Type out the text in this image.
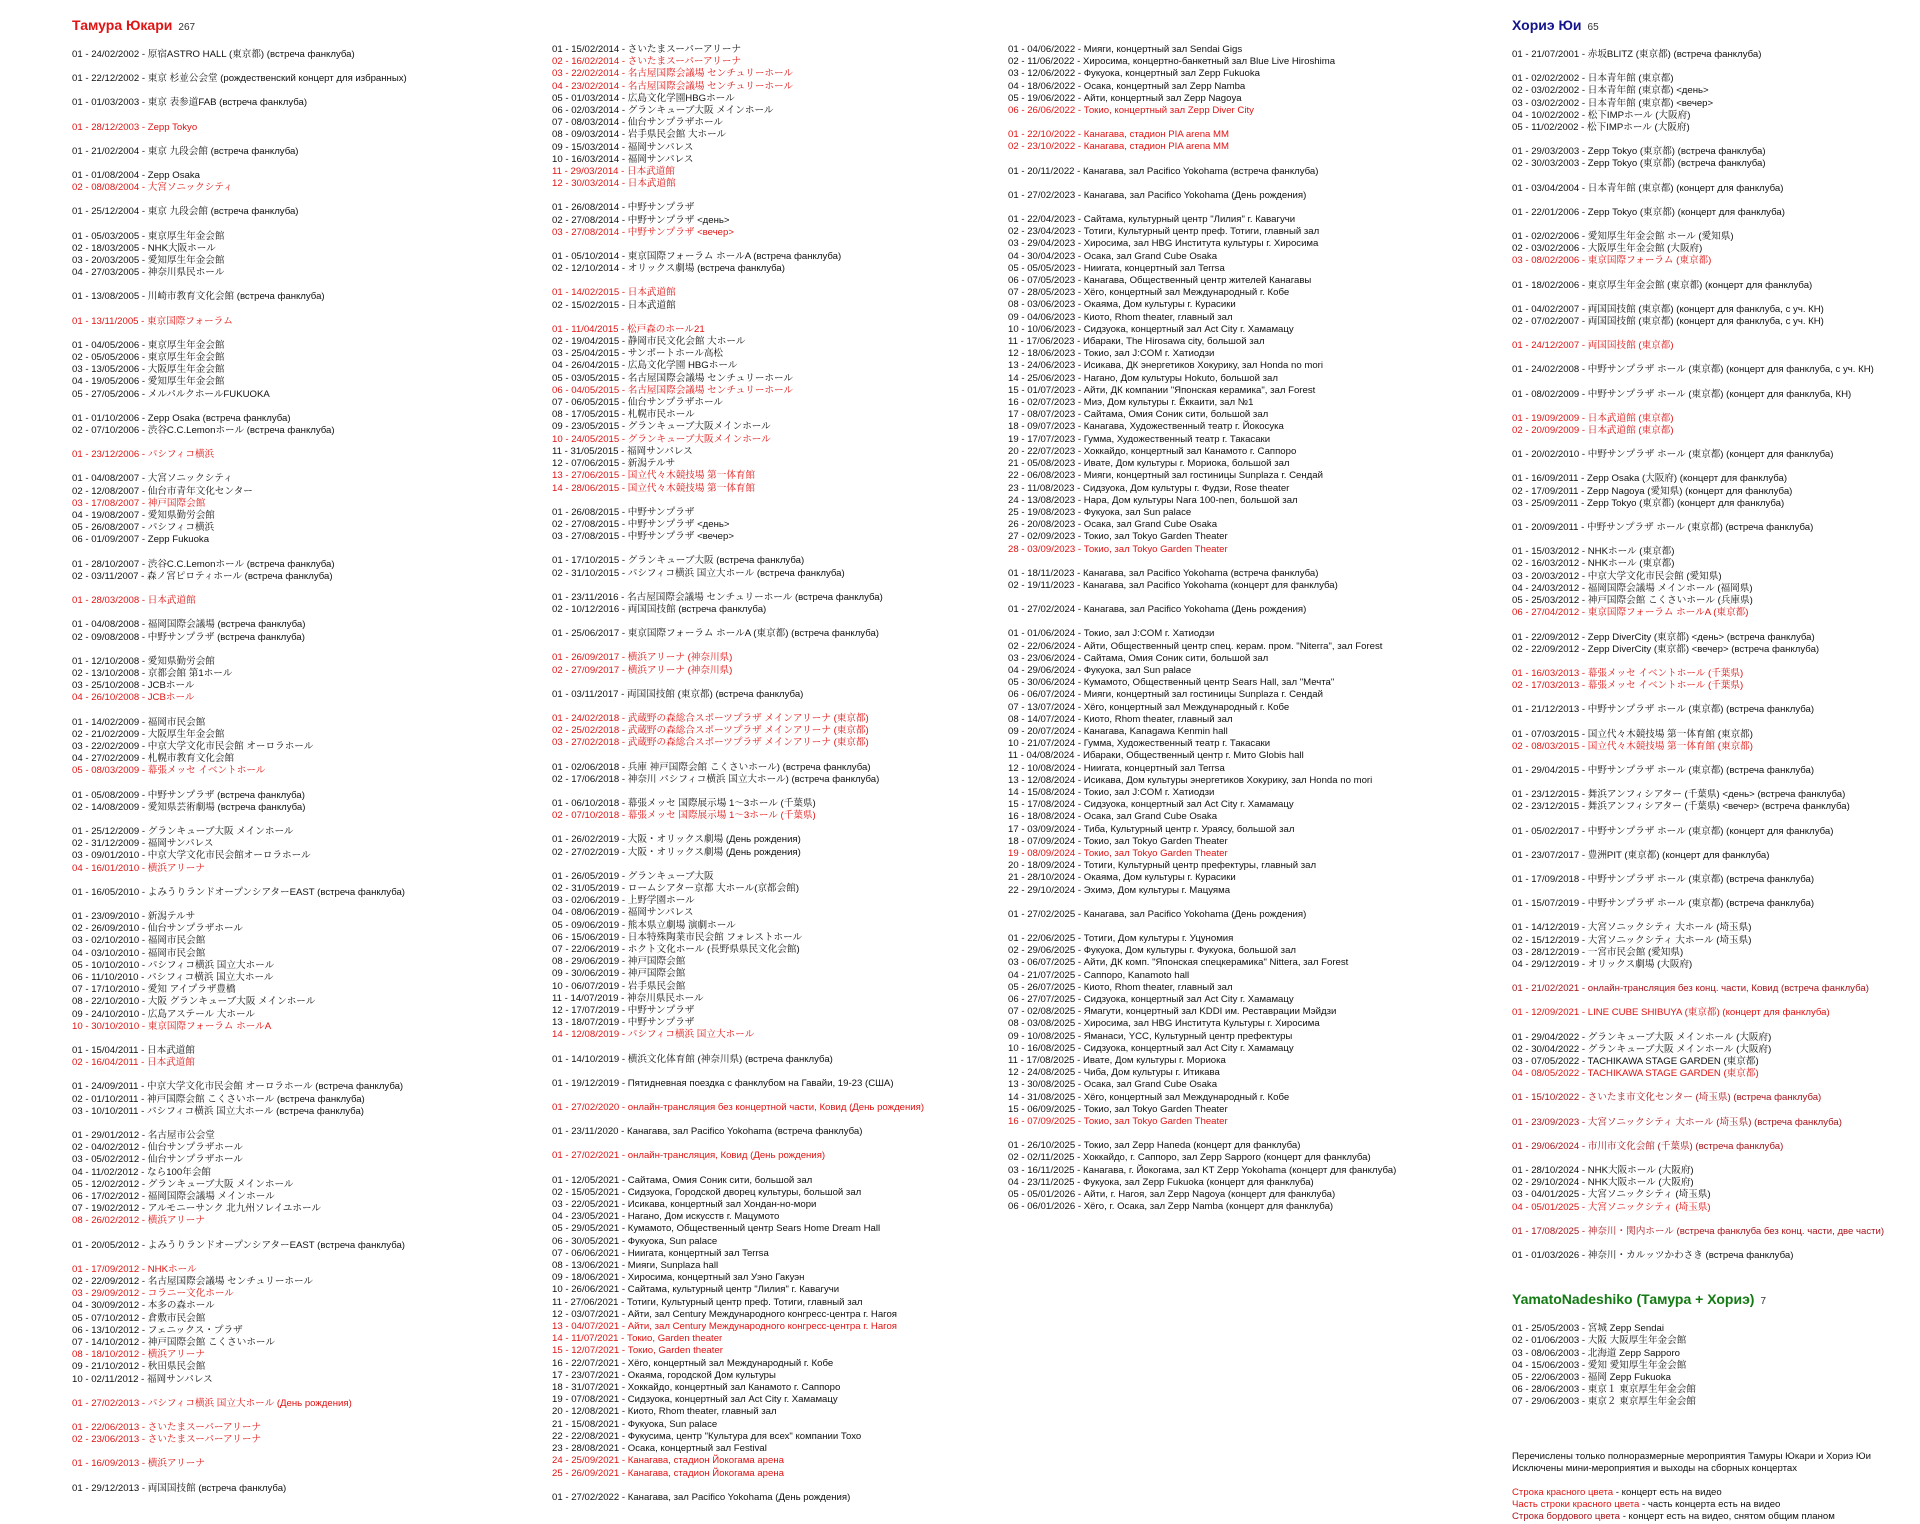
Тамура Юкари 267
01 - 24/02/2002 - 原宿ASTRO HALL (東京都) (встреча фанклуба)
01 - 22/12/2002 - 東京 杉並公会堂 (рождественский концерт для избранных)
01 - 01/03/2003 - 東京 表参道FAB (встреча фанклуба)
01 - 28/12/2003 - Zepp Tokyo
01 - 21/02/2004 - 東京 九段会館 (встреча фанклуба)
01 - 01/08/2004 - Zepp Osaka
02 - 08/08/2004 - 大宮ソニックシティ
01 - 25/12/2004 - 東京 九段会館 (встреча фанклуба)
01 - 05/03/2005 - 東京厚生年金会館
02 - 18/03/2005 - NHK大阪ホール
03 - 20/03/2005 - 愛知厚生年金会館
04 - 27/03/2005 - 神奈川県民ホール
01 - 13/08/2005 - 川崎市教育文化会館 (встреча фанклуба)
01 - 13/11/2005 - 東京国際フォーラム
01 - 04/05/2006 - 東京厚生年金会館
02 - 05/05/2006 - 東京厚生年金会館
03 - 13/05/2006 - 大阪厚生年金会館
04 - 19/05/2006 - 愛知厚生年金会館
05 - 27/05/2006 - メルパルクホールFUKUOKA
01 - 01/10/2006 - Zepp Osaka (встреча фанклуба)
02 - 07/10/2006 - 渋谷C.C.Lemonホール (встреча фанклуба)
01 - 23/12/2006 - パシフィコ横浜
01 - 04/08/2007 - 大宮ソニックシティ
02 - 12/08/2007 - 仙台市青年文化センター
03 - 17/08/2007 - 神戸国際会館
04 - 19/08/2007 - 愛知県勤労会館
05 - 26/08/2007 - パシフィコ横浜
06 - 01/09/2007 - Zepp Fukuoka
01 - 28/10/2007 - 渋谷C.C.Lemonホール (встреча фанклуба)
02 - 03/11/2007 - 森ノ宮ピロティホール (встреча фанклуба)
01 - 28/03/2008 - 日本武道館
01 - 04/08/2008 - 福岡国際会議場 (встреча фанклуба)
02 - 09/08/2008 - 中野サンプラザ (встреча фанклуба)
01 - 12/10/2008 - 愛知県勤労会館
02 - 13/10/2008 - 京都会館 第1ホール
03 - 25/10/2008 - JCBホール
04 - 26/10/2008 - JCBホール
01 - 14/02/2009 - 福岡市民会館
02 - 21/02/2009 - 大阪厚生年金会館
03 - 22/02/2009 - 中京大学文化市民会館 オーロラホール
04 - 27/02/2009 - 札幌市教育文化会館
05 - 08/03/2009 - 幕張メッセ イベントホール
01 - 05/08/2009 - 中野サンプラザ (встреча фанклуба)
02 - 14/08/2009 - 愛知県芸術劇場 (встреча фанклуба)
01 - 25/12/2009 - グランキューブ大阪 メインホール
02 - 31/12/2009 - 福岡サンパレス
03 - 09/01/2010 - 中京大学文化市民会館オーロラホール
04 - 16/01/2010 - 横浜アリーナ
01 - 16/05/2010 - よみうりランドオープンシアターEAST (встреча фанклуба)
01 - 23/09/2010 - 新潟テルサ
02 - 26/09/2010 - 仙台サンプラザホール
03 - 02/10/2010 - 福岡市民会館
04 - 03/10/2010 - 福岡市民会館
05 - 10/10/2010 - パシフィコ横浜 国立大ホール
06 - 11/10/2010 - パシフィコ横浜 国立大ホール
07 - 17/10/2010 - 愛知 アイプラザ豊橋
08 - 22/10/2010 - 大阪 グランキューブ大阪 メインホール
09 - 24/10/2010 - 広島アステール 大ホール
10 - 30/10/2010 - 東京国際フォーラム ホールA
01 - 15/04/2011 - 日本武道館
02 - 16/04/2011 - 日本武道館
01 - 24/09/2011 - 中京大学文化市民会館 オーロラホール (встреча фанклуба)
02 - 01/10/2011 - 神戸国際会館 こくさいホール (встреча фанклуба)
03 - 10/10/2011 - パシフィコ横浜 国立大ホール (встреча фанклуба)
01 - 29/01/2012 - 名古屋市公会堂
02 - 04/02/2012 - 仙台サンプラザホール
03 - 05/02/2012 - 仙台サンプラザホール
04 - 11/02/2012 - なら100年会館
05 - 12/02/2012 - グランキューブ大阪 メインホール
06 - 17/02/2012 - 福岡国際会議場 メインホール
07 - 19/02/2012 - アルモニーサンク 北九州ソレイユホール
08 - 26/02/2012 - 横浜アリーナ
01 - 20/05/2012 - よみうりランドオープンシアターEAST (встреча фанклуба)
01 - 17/09/2012 - NHKホール
02 - 22/09/2012 - 名古屋国際会議場 センチュリーホール
03 - 29/09/2012 - コラニー文化ホール
04 - 30/09/2012 - 本多の森ホール
05 - 07/10/2012 - 倉敷市民会館
06 - 13/10/2012 - フェニックス・プラザ
07 - 14/10/2012 - 神戸国際会館 こくさいホール
08 - 18/10/2012 - 横浜アリーナ
09 - 21/10/2012 - 秋田県民会館
10 - 02/11/2012 - 福岡サンパレス
01 - 27/02/2013 - パシフィコ横浜 国立大ホール (День рождения)
01 - 22/06/2013 - さいたまスーパーアリーナ
02 - 23/06/2013 - さいたまスーパーアリーナ
01 - 16/09/2013 - 横浜アリーナ
01 - 29/12/2013 - 両国国技館 (встреча фанклуба)
01 - 15/02/2014 - さいたまスーパーアリーナ
02 - 16/02/2014 - さいたまスーパーアリーナ
03 - 22/02/2014 - 名古屋国際会議場 センチュリーホール
04 - 23/02/2014 - 名古屋国際会議場 センチュリーホール
05 - 01/03/2014 - 広島文化学園HBGホール
06 - 02/03/2014 - グランキューブ大阪 メインホール
07 - 08/03/2014 - 仙台サンプラザホール
08 - 09/03/2014 - 岩手県民会館 大ホール
09 - 15/03/2014 - 福岡サンパレス
10 - 16/03/2014 - 福岡サンパレス
11 - 29/03/2014 - 日本武道館
12 - 30/03/2014 - 日本武道館
01 - 26/08/2014 - 中野サンプラザ
02 - 27/08/2014 - 中野サンプラザ <день>
03 - 27/08/2014 - 中野サンプラザ <вечер>
01 - 05/10/2014 - 東京国際フォーラム ホールA (встреча фанклуба)
02 - 12/10/2014 - オリックス劇場 (встреча фанклуба)
01 - 14/02/2015 - 日本武道館
02 - 15/02/2015 - 日本武道館
01 - 11/04/2015 - 松戸森のホール21
02 - 19/04/2015 - 静岡市民文化会館 大ホール
03 - 25/04/2015 - サンポートホール高松
04 - 26/04/2015 - 広島文化学園 HBGホール
05 - 03/05/2015 - 名古屋国際会議場 センチュリーホール
06 - 04/05/2015 - 名古屋国際会議場 センチュリーホール
07 - 06/05/2015 - 仙台サンプラザホール
08 - 17/05/2015 - 札幌市民ホール
09 - 23/05/2015 - グランキューブ大阪メインホール
10 - 24/05/2015 - グランキューブ大阪メインホール
11 - 31/05/2015 - 福岡サンパレス
12 - 07/06/2015 - 新潟テルサ
13 - 27/06/2015 - 国立代々木競技場 第一体育館
14 - 28/06/2015 - 国立代々木競技場 第一体育館
01 - 26/08/2015 - 中野サンプラザ
02 - 27/08/2015 - 中野サンプラザ <день>
03 - 27/08/2015 - 中野サンプラザ <вечер>
01 - 17/10/2015 - グランキューブ大阪 (встреча фанклуба)
02 - 31/10/2015 - パシフィコ横浜 国立大ホール (встреча фанклуба)
01 - 23/11/2016 - 名古屋国際会議場 センチュリーホール (встреча фанклуба)
02 - 10/12/2016 - 両国国技館 (встреча фанклуба)
01 - 25/06/2017 - 東京国際フォーラム ホールA (東京都) (встреча фанклуба)
01 - 26/09/2017 - 横浜アリーナ (神奈川県)
02 - 27/09/2017 - 横浜アリーナ (神奈川県)
01 - 03/11/2017 - 両国国技館 (東京都) (встреча фанклуба)
01 - 24/02/2018 - 武蔵野の森総合スポーツプラザ メインアリーナ (東京都)
02 - 25/02/2018 - 武蔵野の森総合スポーツプラザ メインアリーナ (東京都)
03 - 27/02/2018 - 武蔵野の森総合スポーツプラザ メインアリーナ (東京都)
01 - 02/06/2018 - 兵庫 神戸国際会館 こくさいホール) (встреча фанклуба)
02 - 17/06/2018 - 神奈川 パシフィコ横浜 国立大ホール) (встреча фанклуба)
01 - 06/10/2018 - 幕張メッセ 国際展示場 1〜3ホール (千葉県)
02 - 07/10/2018 - 幕張メッセ 国際展示場 1〜3ホール (千葉県)
01 - 26/02/2019 - 大阪・オリックス劇場 (День рождения)
02 - 27/02/2019 - 大阪・オリックス劇場 (День рождения)
01 - 26/05/2019 - グランキューブ大阪
02 - 31/05/2019 - ロームシアター京都 大ホール(京都会館)
03 - 02/06/2019 - 上野学園ホール
04 - 08/06/2019 - 福岡サンパレス
05 - 09/06/2019 - 熊本県立劇場 演劇ホール
06 - 15/06/2019 - 日本特殊陶業市民会館 フォレストホール
07 - 22/06/2019 - ホクト文化ホール (長野県県民文化会館)
08 - 29/06/2019 - 神戸国際会館
09 - 30/06/2019 - 神戸国際会館
10 - 06/07/2019 - 岩手県民会館
11 - 14/07/2019 - 神奈川県民ホール
12 - 17/07/2019 - 中野サンプラザ
13 - 18/07/2019 - 中野サンプラザ
14 - 12/08/2019 - パシフィコ横浜 国立大ホール
01 - 14/10/2019 - 横浜文化体育館 (神奈川県) (встреча фанклуба)
01 - 19/12/2019 - Пятидневная поездка с фанклубом на Гавайи, 19-23 (США)
01 - 27/02/2020 - онлайн-трансляция без концертной части, Ковид (День рождения)
01 - 23/11/2020 - Канагава, зал Pacifico Yokohama (встреча фанклуба)
01 - 27/02/2021 - онлайн-трансляция, Ковид (День рождения)
01 - 12/05/2021 - Сайтама, Омия Соник сити, большой зал
02 - 15/05/2021 - Сидзуока, Городской дворец культуры, большой зал
03 - 22/05/2021 - Исикава, концертный зал Хондан-но-мори
04 - 23/05/2021 - Нагано, Дом искусств г. Мацумото
05 - 29/05/2021 - Кумамото, Общественный центр Sears Home Dream Hall
06 - 30/05/2021 - Фукуока, Sun palace
07 - 06/06/2021 - Ниигата, концертный зал Terrsa
08 - 13/06/2021 - Мияги, Sunplaza hall
09 - 18/06/2021 - Хиросима, концертный зал Уэно Гакуэн
10 - 26/06/2021 - Сайтама, культурный центр "Лилия" г. Кавагучи
11 - 27/06/2021 - Тотиги, Культурный центр преф. Тотиги, главный зал
12 - 03/07/2021 - Айти, зал Century Международного конгресс-центра г. Нагоя
13 - 04/07/2021 - Айти, зал Century Международного конгресс-центра г. Нагоя
14 - 11/07/2021 - Токио, Garden theater
15 - 12/07/2021 - Токио, Garden theater
16 - 22/07/2021 - Хёго, концертный зал Международный г. Кобе
17 - 23/07/2021 - Окаяма, городской Дом культуры
18 - 31/07/2021 - Хоккайдо, концертный зал Канамото г. Саппоро
19 - 07/08/2021 - Сидзуока, концертный зал Act City г. Хамамацу
20 - 12/08/2021 - Киото, Rhom theater, главный зал
21 - 15/08/2021 - Фукуока, Sun palace
22 - 22/08/2021 - Фукусима, центр "Культура для всех" компании Тохо
23 - 28/08/2021 - Осака, концертный зал Festival
24 - 25/09/2021 - Канагава, стадион Йокогама арена
25 - 26/09/2021 - Канагава, стадион Йокогама арена
01 - 27/02/2022 - Канагава, зал Pacifico Yokohama (День рождения)
01 - 04/06/2022 - Мияги, концертный зал Sendai Gigs
02 - 11/06/2022 - Хиросима, концертно-банкетный зал Blue Live Hiroshima
03 - 12/06/2022 - Фукуока, концертный зал Zepp Fukuoka
04 - 18/06/2022 - Осака, концертный зал Zepp Namba
05 - 19/06/2022 - Айти, концертный зал Zepp Nagoya
06 - 26/06/2022 - Токио, концертный зал Zepp Diver City
01 - 22/10/2022 - Канагава, стадион PIA arena MM
02 - 23/10/2022 - Канагава, стадион PIA arena MM
01 - 20/11/2022 - Канагава, зал Pacifico Yokohama (встреча фанклуба)
01 - 27/02/2023 - Канагава, зал Pacifico Yokohama (День рождения)
01 - 22/04/2023 - Сайтама, культурный центр "Лилия" г. Кавагучи
02 - 23/04/2023 - Тотиги, Культурный центр преф. Тотиги, главный зал
03 - 29/04/2023 - Хиросима, зал HBG Института культуры г. Хиросима
04 - 30/04/2023 - Осака, зал Grand Cube Osaka
05 - 05/05/2023 - Ниигата, концертный зал Terrsa
06 - 07/05/2023 - Канагава, Общественный центр жителей Канагавы
07 - 28/05/2023 - Хёго, концертный зал Международный г. Кобе
08 - 03/06/2023 - Окаяма, Дом культуры г. Курасики
09 - 04/06/2023 - Киото, Rhom theater, главный зал
10 - 10/06/2023 - Сидзуока, концертный зал Act City г. Хамамацу
11 - 17/06/2023 - Ибараки, The Hirosawa city, большой зал
12 - 18/06/2023 - Токио, зал J:COM г. Хатиодзи
13 - 24/06/2023 - Исикава, ДК энергетиков Хокурику, зал Honda no mori
14 - 25/06/2023 - Нагано, Дом культуры Hokuto, большой зал
15 - 01/07/2023 - Айти, ДК компании "Японская керамика", зал Forest
16 - 02/07/2023 - Миэ, Дом культуры г. Ёккаити, зал №1
17 - 08/07/2023 - Сайтама, Омия Соник сити, большой зал
18 - 09/07/2023 - Канагава, Художественный театр г. Йокосука
19 - 17/07/2023 - Гумма, Художественный театр г. Такасаки
20 - 22/07/2023 - Хоккайдо, концертный зал Канамото г. Саппоро
21 - 05/08/2023 - Ивате, Дом культуры г. Мориока, большой зал
22 - 06/08/2023 - Мияги, концертный зал гостиницы Sunplaza г. Сендай
23 - 11/08/2023 - Сидзуока, Дом культуры г. Фудзи, Rose theater
24 - 13/08/2023 - Нара, Дом культуры Nara 100-nen, большой зал
25 - 19/08/2023 - Фукуока, зал Sun palace
26 - 20/08/2023 - Осака, зал Grand Cube Osaka
27 - 02/09/2023 - Токио, зал Tokyo Garden Theater
28 - 03/09/2023 - Токио, зал Tokyo Garden Theater
01 - 18/11/2023 - Канагава, зал Pacifico Yokohama (встреча фанклуба)
02 - 19/11/2023 - Канагава, зал Pacifico Yokohama (концерт для фанклуба)
01 - 27/02/2024 - Канагава, зал Pacifico Yokohama (День рождения)
01 - 01/06/2024 - Токио, зал J:COM г. Хатиодзи
02 - 22/06/2024 - Айти, Общественный центр спец. керам. пром. "Niterra", зал Forest
03 - 23/06/2024 - Сайтама, Омия Соник сити, большой зал
04 - 29/06/2024 - Фукуока, зал Sun palace
05 - 30/06/2024 - Кумамото, Общественный центр Sears Hall, зал "Мечта"
06 - 06/07/2024 - Мияги, концертный зал гостиницы Sunplaza г. Сендай
07 - 13/07/2024 - Хёго, концертный зал Международный г. Кобе
08 - 14/07/2024 - Киото, Rhom theater, главный зал
09 - 20/07/2024 - Канагава, Kanagawa Kenmin hall
10 - 21/07/2024 - Гумма, Художественный театр г. Такасаки
11 - 04/08/2024 - Ибараки, Общественный центр г. Мито Globis hall
12 - 10/08/2024 - Ниигата, концертный зал Terrsa
13 - 12/08/2024 - Исикава, Дом культуры энергетиков Хокурику, зал Honda no mori
14 - 15/08/2024 - Токио, зал J:COM г. Хатиодзи
15 - 17/08/2024 - Сидзуока, концертный зал Act City г. Хамамацу
16 - 18/08/2024 - Осака, зал Grand Cube Osaka
17 - 03/09/2024 - Тиба, Культурный центр г. Ураясу, большой зал
18 - 07/09/2024 - Токио, зал Tokyo Garden Theater
19 - 08/09/2024 - Токио, зал Tokyo Garden Theater
20 - 18/09/2024 - Тотиги, Культурный центр префектуры, главный зал
21 - 28/10/2024 - Окаяма, Дом культуры г. Курасики
22 - 29/10/2024 - Эхимэ, Дом культуры г. Мацуяма
01 - 27/02/2025 - Канагава, зал Pacifico Yokohama (День рождения)
01 - 22/06/2025 - Тотиги, Дом культуры г. Уцуномия
02 - 29/06/2025 - Фукуока, Дом культуры г. Фукуока, большой зал
03 - 06/07/2025 - Айти, ДК комп. "Японская спецкерамика" Nittera, зал Forest
04 - 21/07/2025 - Саппоро, Kanamoto hall
05 - 26/07/2025 - Киото, Rhom theater, главный зал
06 - 27/07/2025 - Сидзуока, концертный зал Act City г. Хамамацу
07 - 02/08/2025 - Ямагути, концертный зал KDDI им. Реставрации Мэйдзи
08 - 03/08/2025 - Хиросима, зал HBG Института Культуры г. Хиросима
09 - 10/08/2025 - Яманаси, YCC, Культурный центр префектуры
10 - 16/08/2025 - Сидзуока, концертный зал Act City г. Хамамацу
11 - 17/08/2025 - Ивате, Дом культуры г. Мориока
12 - 24/08/2025 - Чиба, Дом культуры г. Итикава
13 - 30/08/2025 - Осака, зал Grand Cube Osaka
14 - 31/08/2025 - Хёго, концертный зал Международный г. Кобе
15 - 06/09/2025 - Токио, зал Tokyo Garden Theater
16 - 07/09/2025 - Токио, зал Tokyo Garden Theater
01 - 26/10/2025 - Токио, зал Zepp Haneda (концерт для фанклуба)
02 - 02/11/2025 - Хоккайдо, г. Саппоро, зал Zepp Sapporo (концерт для фанклуба)
03 - 16/11/2025 - Канагава, г. Йокогама, зал KT Zepp Yokohama (концерт для фанклуба)
04 - 23/11/2025 - Фукуока, зал Zepp Fukuoka (концерт для фанклуба)
05 - 05/01/2026 - Айти, г. Нагоя, зал Zepp Nagoya (концерт для фанклуба)
06 - 06/01/2026 - Хёго, г. Осака, зал Zepp Namba (концерт для фанклуба)
Хориэ Юи 65
01 - 21/07/2001 - 赤坂BLITZ (東京都) (встреча фанклуба)
01 - 02/02/2002 - 日本青年館 (東京都)
02 - 03/02/2002 - 日本青年館 (東京都) <день>
03 - 03/02/2002 - 日本青年館 (東京都) <вечер>
04 - 10/02/2002 - 松下IMPホール (大阪府)
05 - 11/02/2002 - 松下IMPホール (大阪府)
01 - 29/03/2003 - Zepp Tokyo (東京都) (встреча фанклуба)
02 - 30/03/2003 - Zepp Tokyo (東京都) (встреча фанклуба)
01 - 03/04/2004 - 日本青年館 (東京都) (концерт для фанклуба)
01 - 22/01/2006 - Zepp Tokyo (東京都) (концерт для фанклуба)
01 - 02/02/2006 - 愛知厚生年金会館 ホール (愛知県)
02 - 03/02/2006 - 大阪厚生年金会館 (大阪府)
03 - 08/02/2006 - 東京国際フォーラム (東京都)
01 - 18/02/2006 - 東京厚生年金会館 (東京都) (концерт для фанклуба)
01 - 04/02/2007 - 両国国技館 (東京都) (концерт для фанклуба, с уч. КН)
02 - 07/02/2007 - 両国国技館 (東京都) (концерт для фанклуба, с уч. КН)
01 - 24/12/2007 - 両国国技館 (東京都)
01 - 24/02/2008 - 中野サンプラザ ホール (東京都) (концерт для фанклуба, с уч. КН)
01 - 08/02/2009 - 中野サンプラザ ホール (東京都) (концерт для фанклуба, КН)
01 - 19/09/2009 - 日本武道館 (東京都)
02 - 20/09/2009 - 日本武道館 (東京都)
01 - 20/02/2010 - 中野サンプラザ ホール (東京都) (концерт для фанклуба)
01 - 16/09/2011 - Zepp Osaka (大阪府) (концерт для фанклуба)
02 - 17/09/2011 - Zepp Nagoya (愛知県) (концерт для фанклуба)
03 - 25/09/2011 - Zepp Tokyo (東京都) (концерт для фанклуба)
01 - 20/09/2011 - 中野サンプラザ ホール (東京都) (встреча фанклуба)
01 - 15/03/2012 - NHKホール (東京都)
02 - 16/03/2012 - NHKホール (東京都)
03 - 20/03/2012 - 中京大学文化市民会館 (愛知県)
04 - 24/03/2012 - 福岡国際会議場 メインホール (福岡県)
05 - 25/03/2012 - 神戸国際会館 こくさいホール (兵庫県)
06 - 27/04/2012 - 東京国際フォーラム ホールA (東京都)
01 - 22/09/2012 - Zepp DiverCity (東京都) <день> (встреча фанклуба)
02 - 22/09/2012 - Zepp DiverCity (東京都) <вечер> (встреча фанклуба)
01 - 16/03/2013 - 幕張メッセ イベントホール (千葉県)
02 - 17/03/2013 - 幕張メッセ イベントホール (千葉県)
01 - 21/12/2013 - 中野サンプラザ ホール (東京都) (встреча фанклуба)
01 - 07/03/2015 - 国立代々木競技場 第一体育館 (東京都)
02 - 08/03/2015 - 国立代々木競技場 第一体育館 (東京都)
01 - 29/04/2015 - 中野サンプラザ ホール (東京都) (встреча фанклуба)
01 - 23/12/2015 - 舞浜アンフィシアター (千葉県) <день> (встреча фанклуба)
02 - 23/12/2015 - 舞浜アンフィシアター (千葉県) <вечер> (встреча фанклуба)
01 - 05/02/2017 - 中野サンプラザ ホール (東京都) (концерт для фанклуба)
01 - 23/07/2017 - 豊洲PIT (東京都) (концерт для фанклуба)
01 - 17/09/2018 - 中野サンプラザ ホール (東京都) (встреча фанклуба)
01 - 15/07/2019 - 中野サンプラザ ホール (東京都) (встреча фанклуба)
01 - 14/12/2019 - 大宮ソニックシティ 大ホール (埼玉県)
02 - 15/12/2019 - 大宮ソニックシティ 大ホール (埼玉県)
03 - 28/12/2019 - 一宮市民会館 (愛知県)
04 - 29/12/2019 - オリックス劇場 (大阪府)
01 - 21/02/2021 - онлайн-трансляция без конц. части, Ковид (встреча фанклуба)
01 - 12/09/2021 - LINE CUBE SHIBUYA (東京都) (концерт для фанклуба)
01 - 29/04/2022 - グランキューブ大阪 メインホール (大阪府)
02 - 30/04/2022 - グランキューブ大阪 メインホール (大阪府)
03 - 07/05/2022 - TACHIKAWA STAGE GARDEN (東京都)
04 - 08/05/2022 - TACHIKAWA STAGE GARDEN (東京都)
01 - 15/10/2022 - さいたま市文化センター (埼玉県) (встреча фанклуба)
01 - 23/09/2023 - 大宮ソニックシティ 大ホール (埼玉県) (встреча фанклуба)
01 - 29/06/2024 - 市川市文化会館 (千葉県) (встреча фанклуба)
01 - 28/10/2024 - NHK大阪ホール (大阪府)
02 - 29/10/2024 - NHK大阪ホール (大阪府)
03 - 04/01/2025 - 大宮ソニックシティ (埼玉県)
04 - 05/01/2025 - 大宮ソニックシティ (埼玉県)
01 - 17/08/2025 - 神奈川・関内ホール (встреча фанклуба без конц. части, две части)
01 - 01/03/2026 - 神奈川・カルッツかわさき (встреча фанклуба)
YamatoNadeshiko (Тамура + Хориэ) 7
01 - 25/05/2003 - 宮城 Zepp Sendai
02 - 01/06/2003 - 大阪 大阪厚生年金会館
03 - 08/06/2003 - 北海道 Zepp Sapporo
04 - 15/06/2003 - 愛知 愛知厚生年金会館
05 - 22/06/2003 - 福岡 Zepp Fukuoka
06 - 28/06/2003 - 東京１ 東京厚生年金会館
07 - 29/06/2003 - 東京２ 東京厚生年金会館
Перечислены только полноразмерные мероприятия Тамуры Юкари и Хориэ Юи
Исключены мини-мероприятия и выходы на сборных концертах
Строка красного цвета - концерт есть на видео
Часть строки красного цвета - часть концерта есть на видео
Строка бордового цвета - концерт есть на видео, снятом общим планом
